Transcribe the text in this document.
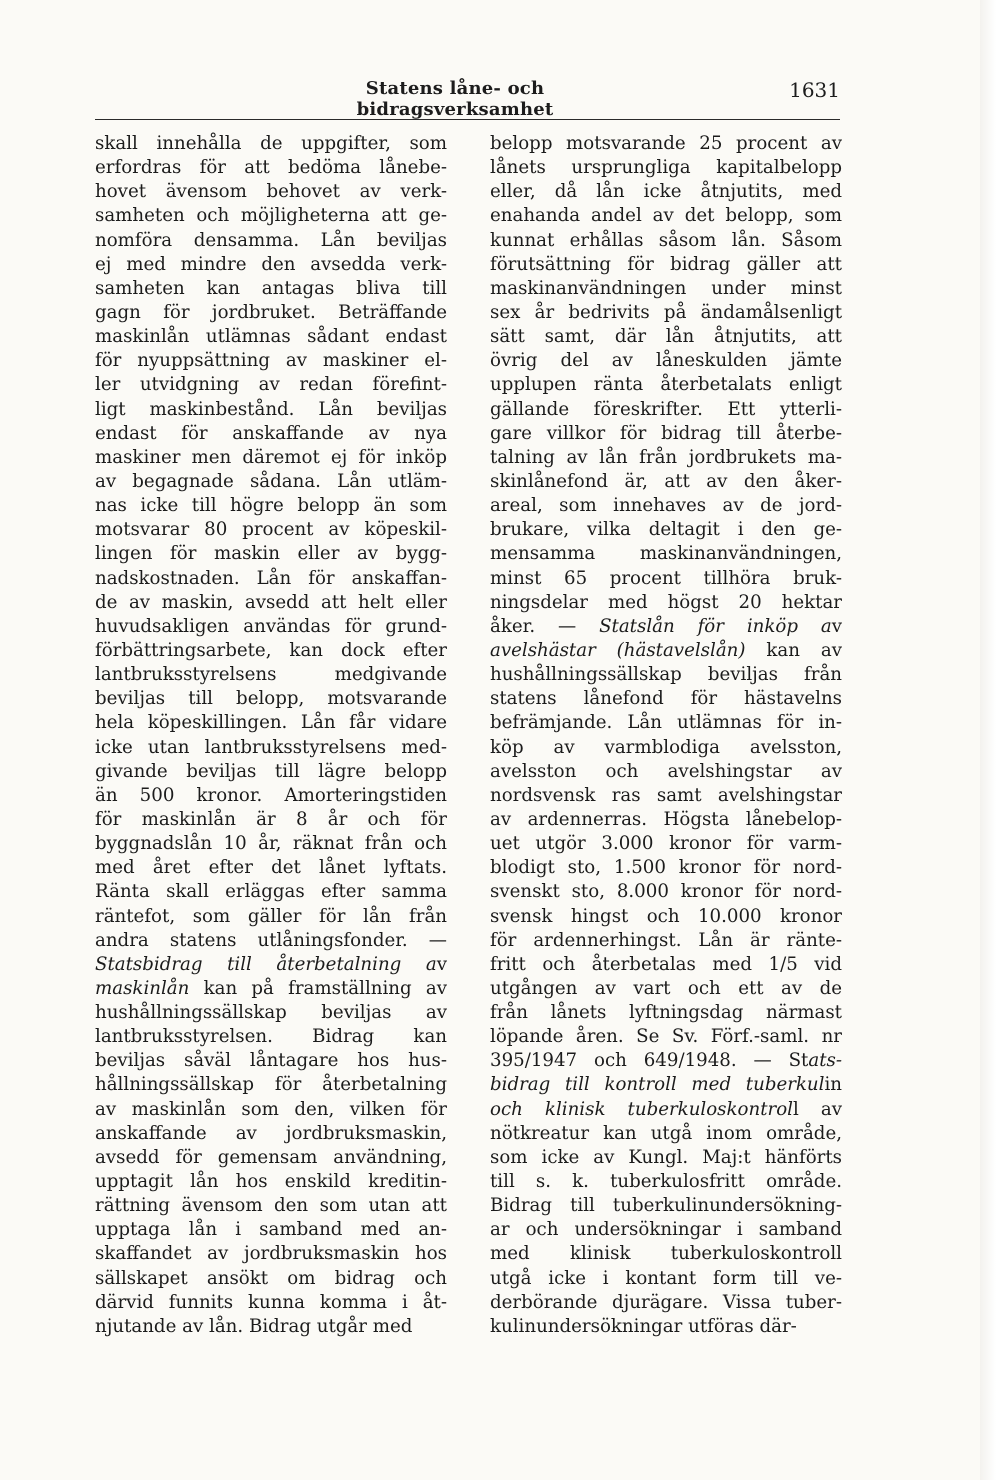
Statens låne- och bidragsverksamhet
1631
skall innehålla de uppgifter, som
erfordras för att bedöma lånebe-
hovet ävensom behovet av verk-
samheten och möjligheterna att ge-
nomföra densamma. Lån beviljas
ej med mindre den avsedda verk-
samheten kan antagas bliva till
gagn för jordbruket. Beträffande
maskinlån utlämnas sådant endast
för nyuppsättning av maskiner el-
ler utvidgning av redan förefint-
ligt maskinbestånd. Lån beviljas
endast för anskaffande av nya
maskiner men däremot ej för inköp
av begagnade sådana. Lån utläm-
nas icke till högre belopp än som
motsvarar 80 procent av köpeskil-
lingen för maskin eller av bygg-
nadskostnaden. Lån för anskaffan-
de av maskin, avsedd att helt eller
huvudsakligen användas för grund-
förbättringsarbete, kan dock efter
lantbruksstyrelsens medgivande
beviljas till belopp, motsvarande
hela köpeskillingen. Lån får vidare
icke utan lantbruksstyrelsens med-
givande beviljas till lägre belopp
än 500 kronor. Amorteringstiden
för maskinlån är 8 år och för
byggnadslån 10 år, räknat från och
med året efter det lånet lyftats.
Ränta skall erläggas efter samma
räntefot, som gäller för lån från
andra statens utlåningsfonder. —
Statsbidrag till återbetalning av
maskinlån kan på framställning av
hushållningssällskap beviljas av
lantbruksstyrelsen. Bidrag kan
beviljas såväl låntagare hos hus-
hållningssällskap för återbetalning
av maskinlån som den, vilken för
anskaffande av jordbruksmaskin,
avsedd för gemensam användning,
upptagit lån hos enskild kreditin-
rättning ävensom den som utan att
upptaga lån i samband med an-
skaffandet av jordbruksmaskin hos
sällskapet ansökt om bidrag och
därvid funnits kunna komma i åt-
njutande av lån. Bidrag utgår med
belopp motsvarande 25 procent av
lånets ursprungliga kapitalbelopp
eller, då lån icke åtnjutits, med
enahanda andel av det belopp, som
kunnat erhållas såsom lån. Såsom
förutsättning för bidrag gäller att
maskinanvändningen under minst
sex år bedrivits på ändamålsenligt
sätt samt, där lån åtnjutits, att
övrig del av låneskulden jämte
upplupen ränta återbetalats enligt
gällande föreskrifter. Ett ytterli-
gare villkor för bidrag till återbe-
talning av lån från jordbrukets ma-
skinlånefond är, att av den åker-
areal, som innehaves av de jord-
brukare, vilka deltagit i den ge-
mensamma maskinanvändningen,
minst 65 procent tillhöra bruk-
ningsdelar med högst 20 hektar
åker. — Statslån för inköp av
avelshästar (hästavelslån) kan av
hushållningssällskap beviljas från
statens lånefond för hästavelns
befrämjande. Lån utlämnas för in-
köp av varmblodiga avelsston,
avelsston och avelshingstar av
nordsvensk ras samt avelshingstar
av ardennerras. Högsta lånebelop-
uet utgör 3.000 kronor för varm-
blodigt sto, 1.500 kronor för nord-
svenskt sto, 8.000 kronor för nord-
svensk hingst och 10.000 kronor
för ardennerhingst. Lån är ränte-
fritt och återbetalas med 1/5 vid
utgången av vart och ett av de
från lånets lyftningsdag närmast
löpande åren. Se Sv. Förf.-saml. nr
395/1947 och 649/1948. — Stats-
bidrag till kontroll med tuberkulin
och klinisk tuberkuloskontroll av
nötkreatur kan utgå inom område,
som icke av Kungl. Maj:t hänförts
till s. k. tuberkulosfritt område.
Bidrag till tuberkulinundersökning-
ar och undersökningar i samband
med klinisk tuberkuloskontroll
utgå icke i kontant form till ve-
derbörande djurägare. Vissa tuber-
kulinundersökningar utföras där-
